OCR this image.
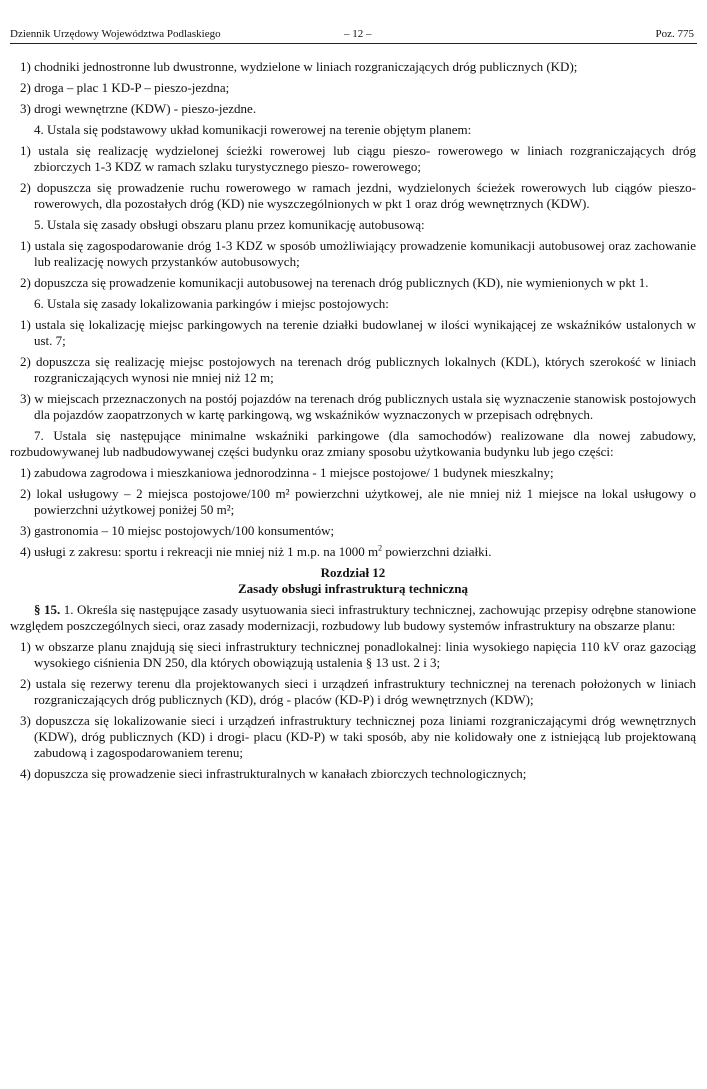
Dziennik Urzędowy Województwa Podlaskiego	– 12 –	Poz. 775

1) chodniki jednostronne lub dwustronne, wydzielone w liniach rozgraniczających dróg publicznych (KD);

2) droga – plac 1 KD-P – pieszo-jezdna;

3) drogi wewnętrzne (KDW) - pieszo-jezdne.

4. Ustala się podstawowy układ komunikacji rowerowej na terenie objętym planem:

1) ustala się realizację wydzielonej ścieżki rowerowej lub ciągu pieszo- rowerowego w liniach rozgraniczających dróg zbiorczych 1-3 KDZ w ramach szlaku turystycznego pieszo- rowerowego;

2) dopuszcza się prowadzenie ruchu rowerowego w ramach jezdni, wydzielonych ścieżek rowerowych lub ciągów pieszo-rowerowych, dla pozostałych dróg (KD) nie wyszczególnionych w pkt 1 oraz dróg wewnętrznych (KDW).

5. Ustala się zasady obsługi obszaru planu przez komunikację autobusową:

1) ustala się zagospodarowanie dróg 1-3 KDZ w sposób umożliwiający prowadzenie komunikacji autobusowej oraz zachowanie lub realizację nowych przystanków autobusowych;

2) dopuszcza się prowadzenie komunikacji autobusowej na terenach dróg publicznych (KD), nie wymienionych w pkt 1.

6. Ustala się zasady lokalizowania parkingów i miejsc postojowych:

1) ustala się lokalizację miejsc parkingowych na terenie działki budowlanej w ilości wynikającej ze wskaźników ustalonych w ust. 7;

2) dopuszcza się realizację miejsc postojowych na terenach dróg publicznych lokalnych (KDL), których szerokość w liniach rozgraniczających wynosi nie mniej niż 12 m;

3) w miejscach przeznaczonych na postój pojazdów na terenach dróg publicznych ustala się wyznaczenie stanowisk postojowych dla pojazdów zaopatrzonych w kartę parkingową, wg wskaźników wyznaczonych w przepisach odrębnych.

7. Ustala się następujące minimalne wskaźniki parkingowe (dla samochodów) realizowane dla nowej zabudowy, rozbudowywanej lub nadbudowywanej części budynku oraz zmiany sposobu użytkowania budynku lub jego części:

1) zabudowa zagrodowa i mieszkaniowa jednorodzinna - 1 miejsce postojowe/ 1 budynek mieszkalny;

2) lokal usługowy – 2 miejsca postojowe/100 m² powierzchni użytkowej, ale nie mniej niż 1 miejsce na lokal usługowy o powierzchni użytkowej poniżej 50 m²;

3) gastronomia – 10 miejsc postojowych/100 konsumentów;

4) usługi z zakresu: sportu i rekreacji nie mniej niż 1 m.p. na 1000 $m^2$ powierzchni działki.

Rozdział 12

Zasady obsługi infrastrukturą techniczną

§ 15. 1. Określa się następujące zasady usytuowania sieci infrastruktury technicznej, zachowując przepisy odrębne stanowione względem poszczególnych sieci, oraz zasady modernizacji, rozbudowy lub budowy systemów infrastruktury na obszarze planu:

1) w obszarze planu znajdują się sieci infrastruktury technicznej ponadlokalnej: linia wysokiego napięcia 110 kV oraz gazociąg wysokiego ciśnienia DN 250, dla których obowiązują ustalenia § 13 ust. 2 i 3;

2) ustala się rezerwy terenu dla projektowanych sieci i urządzeń infrastruktury technicznej na terenach położonych w liniach rozgraniczających dróg publicznych (KD), dróg - placów (KD-P) i dróg wewnętrznych (KDW);

3) dopuszcza się lokalizowanie sieci i urządzeń infrastruktury technicznej poza liniami rozgraniczającymi dróg wewnętrznych (KDW), dróg publicznych (KD) i drogi- placu (KD-P) w taki sposób, aby nie kolidowały one z istniejącą lub projektowaną zabudową i zagospodarowaniem terenu;

4) dopuszcza się prowadzenie sieci infrastrukturalnych w kanałach zbiorczych technologicznych;
